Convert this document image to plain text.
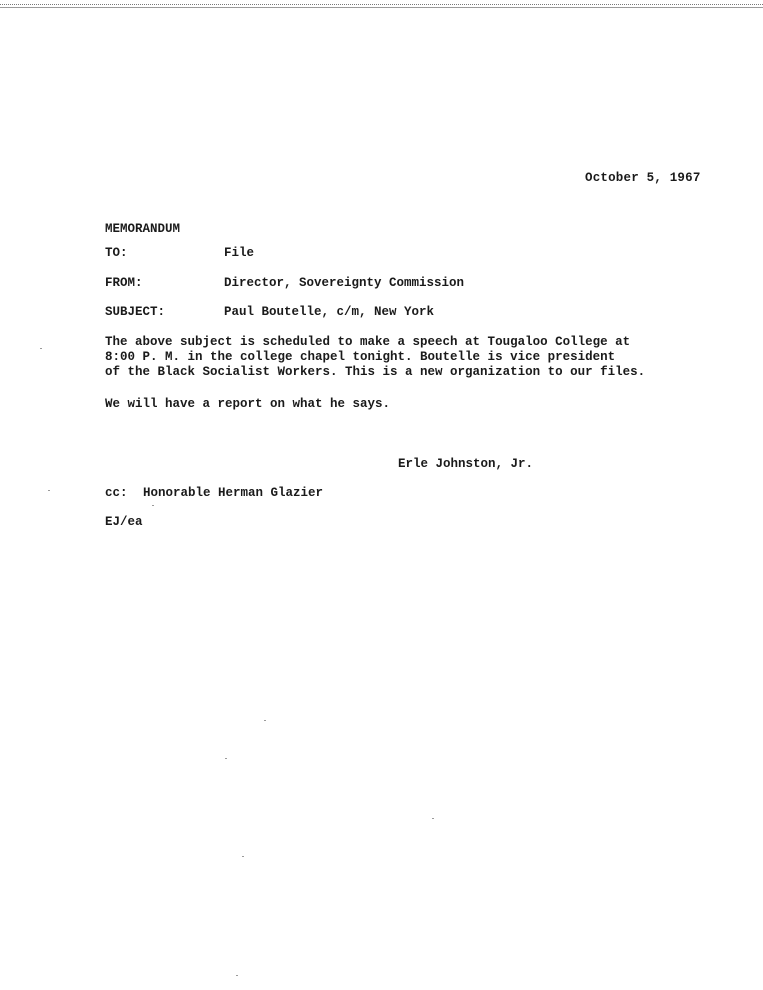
October 5, 1967
MEMORANDUM
TO:	File
FROM:	Director, Sovereignty Commission
SUBJECT:	Paul Boutelle, c/m, New York
The above subject is scheduled to make a speech at Tougaloo College at
8:00 P. M. in the college chapel tonight. Boutelle is vice president
of the Black Socialist Workers. This is a new organization to our files.
We will have a report on what he says.
Erle Johnston, Jr.
cc: Honorable Herman Glazier
EJ/ea
